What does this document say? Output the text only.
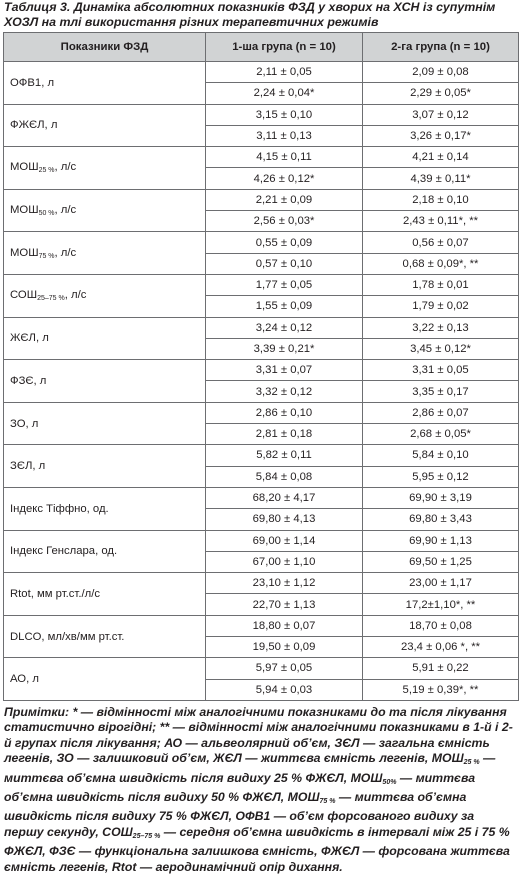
Таблиця 3. Динаміка абсолютних показників ФЗД у хворих на ХСН із супутнім ХОЗЛ на тлі використання різних терапевтичних режимів
Показники ФЗД	1-ша група (n = 10)	2-га група (n = 10)
ОФВ1, л	2,11 ± 0,05	2,09 ± 0,08
	2,24 ± 0,04*	2,29 ± 0,05*
ФЖЄЛ, л	3,15 ± 0,10	3,07 ± 0,12
	3,11 ± 0,13	3,26 ± 0,17*
$МОШ_{25 \%}$, л/с	4,15 ± 0,11	4,21 ± 0,14
	4,26 ± 0,12*	4,39 ± 0,11*
$МОШ_{50 \%}$, л/с	2,21 ± 0,09	2,18 ± 0,10
	2,56 ± 0,03*	2,43 ± 0,11*, **
$МОШ_{75 \%}$, л/с	0,55 ± 0,09	0,56 ± 0,07
	0,57 ± 0,10	0,68 ± 0,09*, **
$СОШ_{25-75 \%}$, л/с	1,77 ± 0,05	1,78 ± 0,01
	1,55 ± 0,09	1,79 ± 0,02
ЖЄЛ, л	3,24 ± 0,12	3,22 ± 0,13
	3,39 ± 0,21*	3,45 ± 0,12*
ФЗЄ, л	3,31 ± 0,07	3,31 ± 0,05
	3,32 ± 0,12	3,35 ± 0,17
ЗО, л	2,86 ± 0,10	2,86 ± 0,07
	2,81 ± 0,18	2,68 ± 0,05*
ЗЄЛ, л	5,82 ± 0,11	5,84 ± 0,10
	5,84 ± 0,08	5,95 ± 0,12
Індекс Тіффно, од.	68,20 ± 4,17	69,90 ± 3,19
	69,80 ± 4,13	69,80 ± 3,43
Індекс Генслара, од.	69,00 ± 1,14	69,90 ± 1,13
	67,00 ± 1,10	69,50 ± 1,25
Rtot, мм рт.ст./л/с	23,10 ± 1,12	23,00 ± 1,17
	22,70 ± 1,13	17,2±1,10*, **
DLCO, мл/хв/мм рт.ст.	18,80 ± 0,07	18,70 ± 0,08
	19,50 ± 0,09	23,4 ± 0,06 *, **
АО, л	5,97 ± 0,05	5,91 ± 0,22
	5,94 ± 0,03	5,19 ± 0,39*, **
Примітки: * — відмінності між аналогічними показниками до та після лікування статистично вірогідні; ** — відмінності між аналогічними показниками в 1-й і 2-й групах після лікування; АО — альвеолярний об’єм, ЗЄЛ — загальна ємність легенів, ЗО — залишковий об’єм, ЖЄЛ — життєва ємність легенів, $МОШ_{25 \%}$ — миттєва об’ємна швидкість після видиху 25 % ФЖЄЛ, $МОШ_{50\%}$ — миттєва об’ємна швидкість після видиху 50 % ФЖЄЛ, $МОШ_{75 \%}$ — миттєва об’ємна швидкість після видиху 75 % ФЖЄЛ, ОФВ1 — об’єм форсованого видиху за першу секунду, $СОШ_{25-75 \%}$ — середня об’ємна швидкість в інтервалі між 25 і 75 % ФЖЄЛ, ФЗЄ — функціональна залишкова ємність, ФЖЄЛ — форсована життєва ємність легенів, Rtot — аеродинамічний опір дихання.
